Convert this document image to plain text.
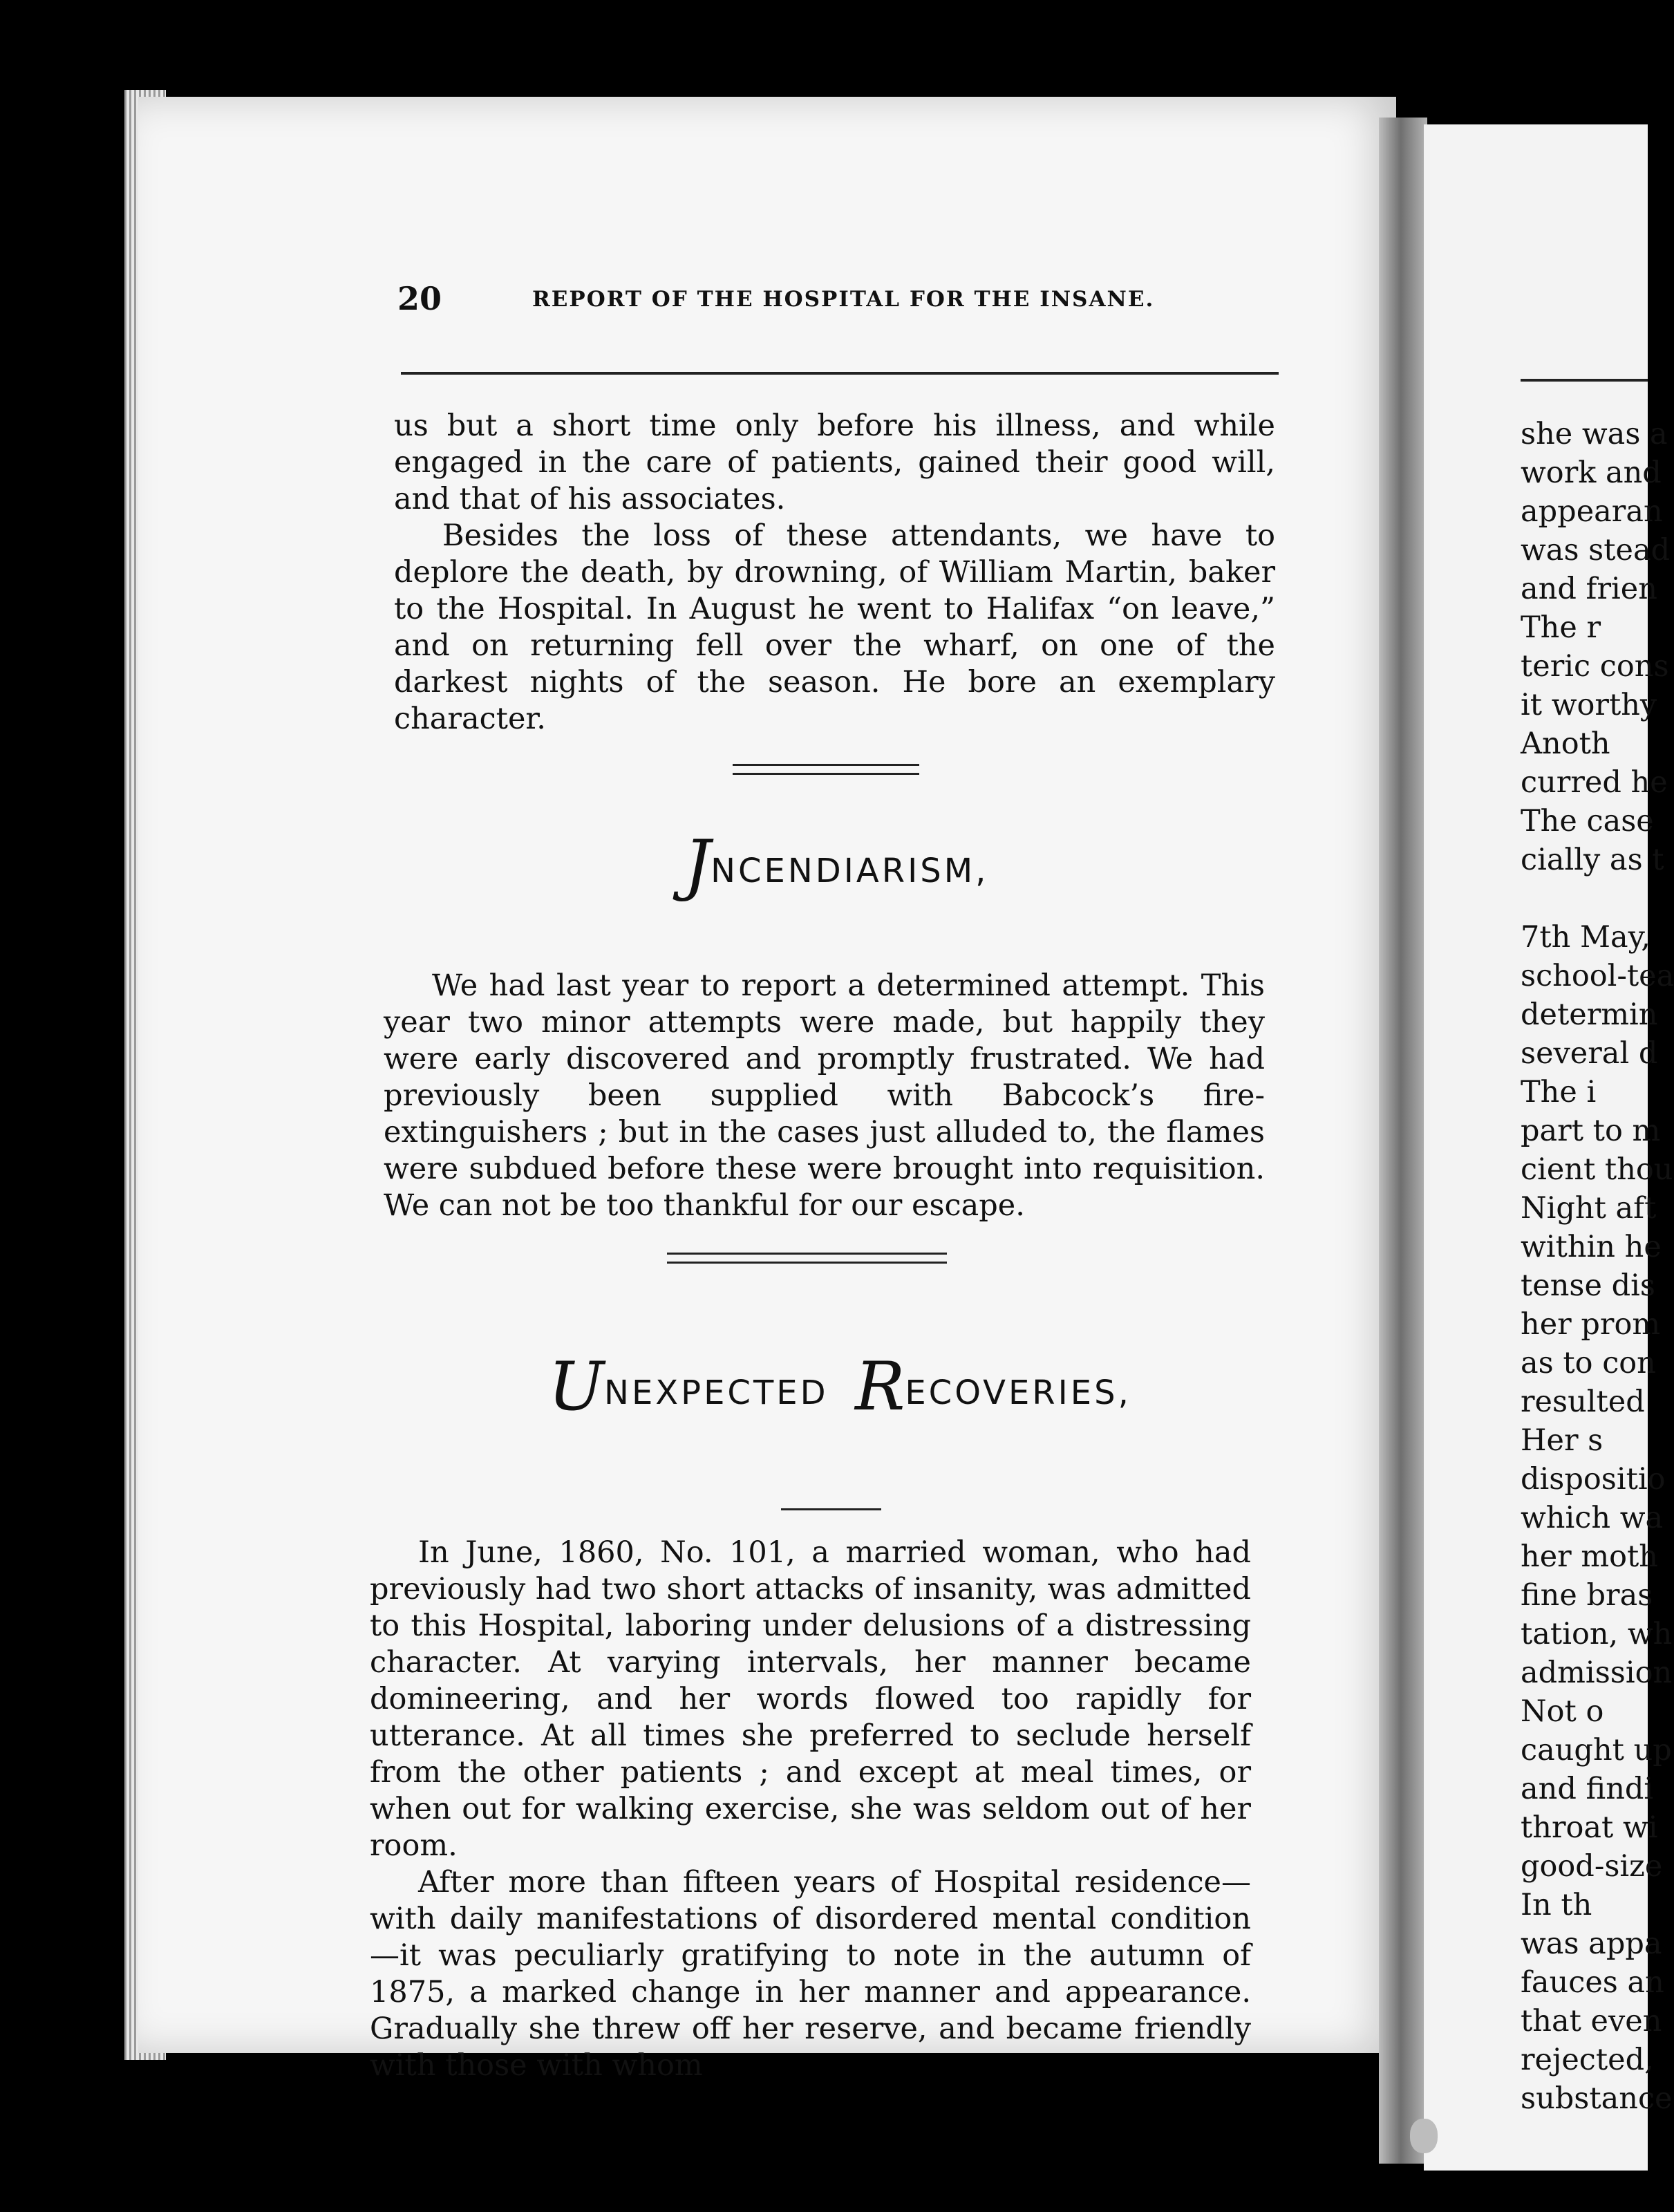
20	REPORT OF THE HOSPITAL FOR THE INSANE.

us but a short time only before his illness, and while engaged in the care of patients, gained their good will, and that of his associates.

Besides the loss of these attendants, we have to deplore the death, by drowning, of William Martin, baker to the Hospital. In August he went to Halifax “on leave,” and on returning fell over the wharf, on one of the darkest nights of the season. He bore an exemplary character.

JNCENDIARISM,

We had last year to report a determined attempt. This year two minor attempts were made, but happily they were early discovered and promptly frustrated. We had previously been supplied with Babcock’s fire-extinguishers ; but in the cases just alluded to, the flames were subdued before these were brought into requisition. We can not be too thankful for our escape.

UNEXPECTED RECOVERIES,

In June, 1860, No. 101, a married woman, who had previously had two short attacks of insanity, was admitted to this Hospital, laboring under delusions of a distressing character. At varying intervals, her manner became domineering, and her words flowed too rapidly for utterance. At all times she preferred to seclude herself from the other patients ; and except at meal times, or when out for walking exercise, she was seldom out of her room.

After more than fifteen years of Hospital residence—with daily manifestations of disordered mental condition—it was peculiarly gratifying to note in the autumn of 1875, a marked change in her manner and appearance. Gradually she threw off her reserve, and became friendly with those with whom

she was a
work and
appearan
was stead
and frien
The r
teric cons
it worthy
Anoth
curred he
The case
cially as t

7th May,
school-tea
determin
several d
The i
part to m
cient thou
Night aft
within he
tense dis
her prom
as to con
resulted
Her s
dispositio
which wa
her moth
fine bras
tation, wh
admission
Not o
caught up
and findi
throat wi
good-size
In th
was appa
fauces an
that even
rejected,
substance
